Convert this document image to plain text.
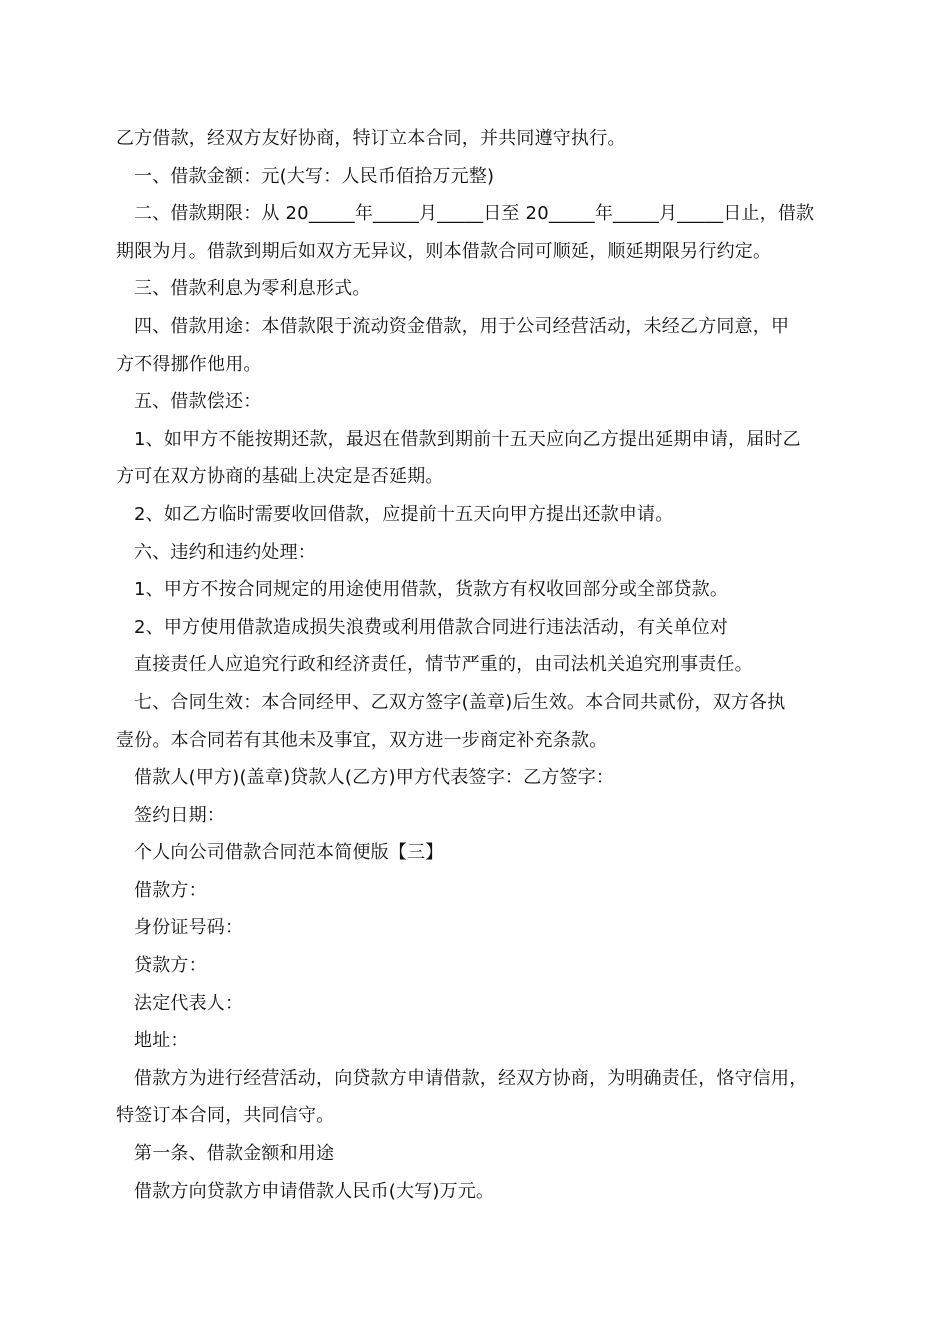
乙方借款，经双方友好协商，特订立本合同，并共同遵守执行。
一、借款金额：元(大写：人民币佰拾万元整)
二、借款期限：从 20_____年_____月_____日至 20_____年_____月_____日止，借款
期限为月。借款到期后如双方无异议，则本借款合同可顺延，顺延期限另行约定。
三、借款利息为零利息形式。
四、借款用途：本借款限于流动资金借款，用于公司经营活动，未经乙方同意，甲
方不得挪作他用。
五、借款偿还：
1、如甲方不能按期还款，最迟在借款到期前十五天应向乙方提出延期申请，届时乙
方可在双方协商的基础上决定是否延期。
2、如乙方临时需要收回借款，应提前十五天向甲方提出还款申请。
六、违约和违约处理：
1、甲方不按合同规定的用途使用借款，货款方有权收回部分或全部贷款。
2、甲方使用借款造成损失浪费或利用借款合同进行违法活动，有关单位对
直接责任人应追究行政和经济责任，情节严重的，由司法机关追究刑事责任。
七、合同生效：本合同经甲、乙双方签字(盖章)后生效。本合同共贰份，双方各执
壹份。本合同若有其他未及事宜，双方进一步商定补充条款。
借款人(甲方)(盖章)贷款人(乙方)甲方代表签字：乙方签字：
签约日期：
个人向公司借款合同范本简便版【三】
借款方：
身份证号码：
贷款方：
法定代表人：
地址：
借款方为进行经营活动，向贷款方申请借款，经双方协商，为明确责任，恪守信用，
特签订本合同，共同信守。
第一条、借款金额和用途
借款方向贷款方申请借款人民币(大写)万元。
